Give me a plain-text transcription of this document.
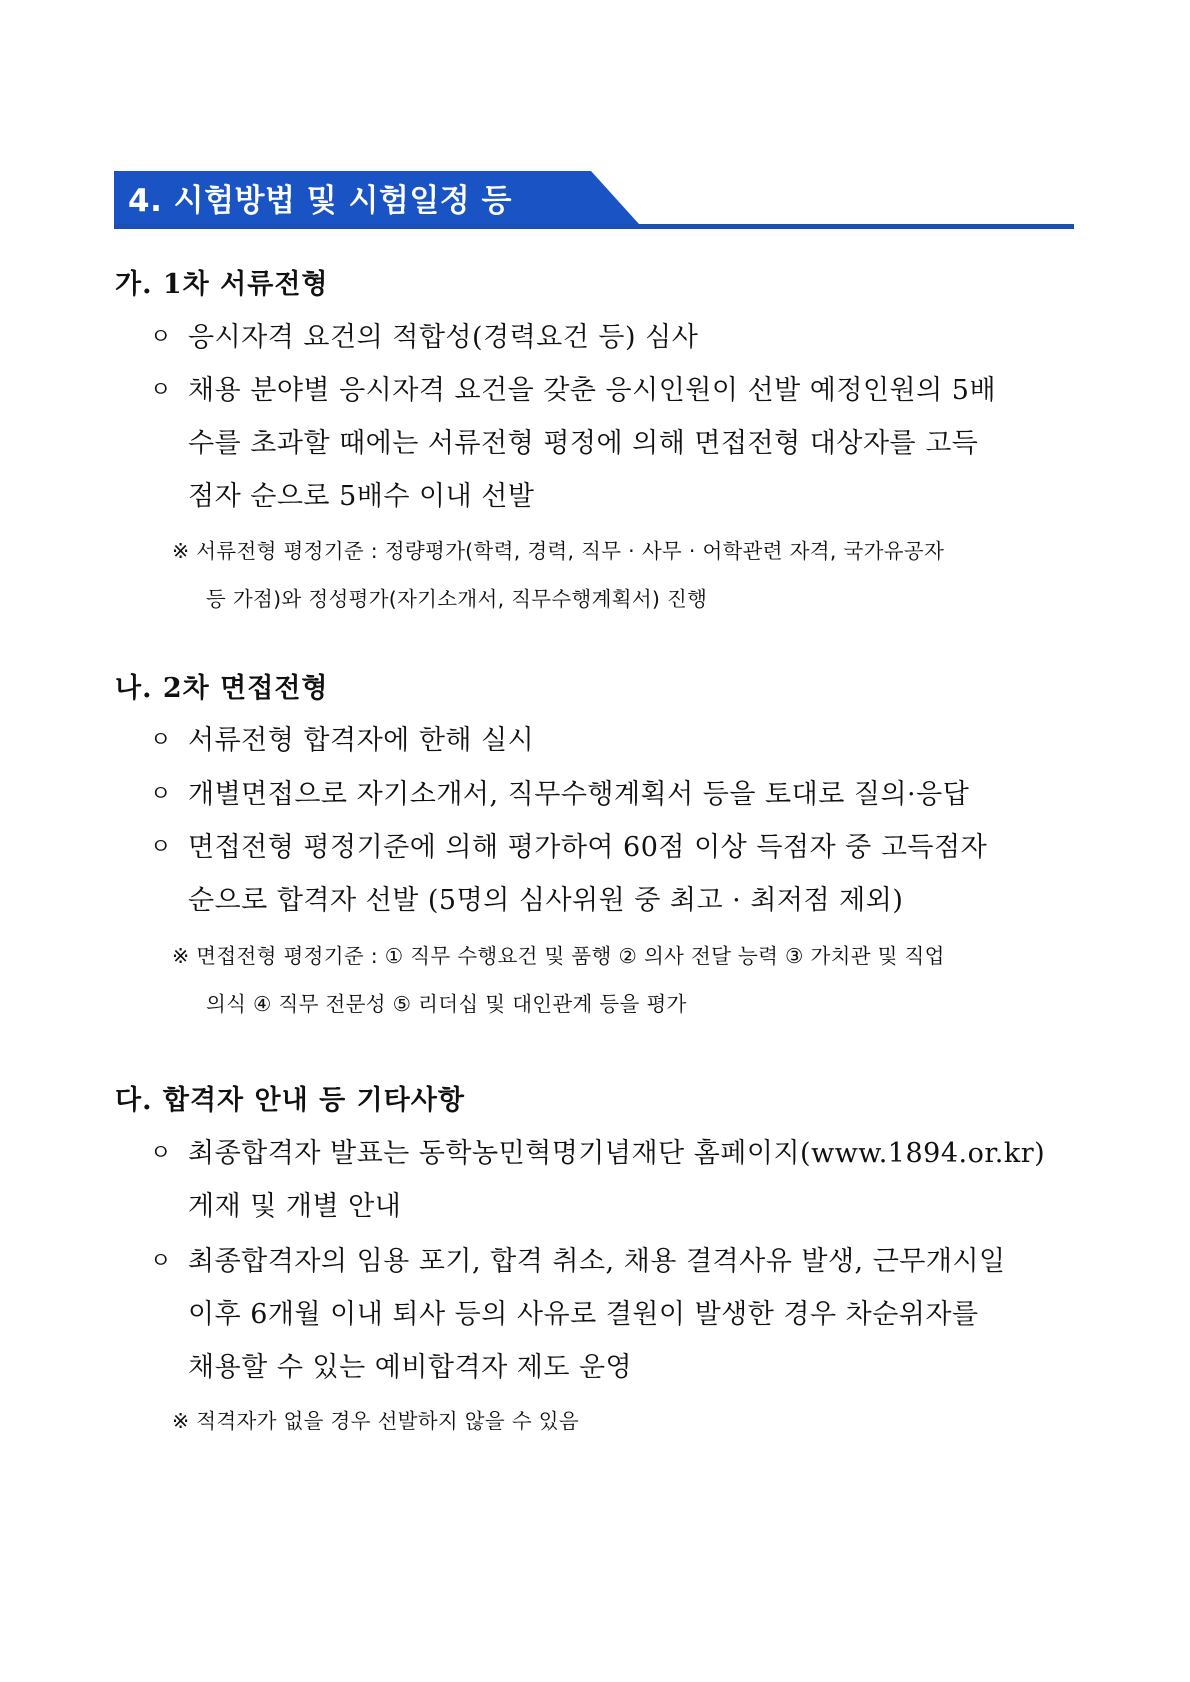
4. 시험방법 및 시험일정 등
가. 1차 서류전형
ㅇ 응시자격 요건의 적합성(경력요건 등) 심사
ㅇ 채용 분야별 응시자격 요건을 갖춘 응시인원이 선발 예정인원의 5배
수를 초과할 때에는 서류전형 평정에 의해 면접전형 대상자를 고득
점자 순으로 5배수 이내 선발
※ 서류전형 평정기준 : 정량평가(학력, 경력, 직무 · 사무 · 어학관련 자격, 국가유공자
등 가점)와 정성평가(자기소개서, 직무수행계획서) 진행
나. 2차 면접전형
ㅇ 서류전형 합격자에 한해 실시
ㅇ 개별면접으로 자기소개서, 직무수행계획서 등을 토대로 질의·응답
ㅇ 면접전형 평정기준에 의해 평가하여 60점 이상 득점자 중 고득점자
순으로 합격자 선발 (5명의 심사위원 중 최고 · 최저점 제외)
※ 면접전형 평정기준 : ① 직무 수행요건 및 품행 ② 의사 전달 능력 ③ 가치관 및 직업
의식 ④ 직무 전문성 ⑤ 리더십 및 대인관계 등을 평가
다. 합격자 안내 등 기타사항
ㅇ 최종합격자 발표는 동학농민혁명기념재단 홈페이지(www.1894.or.kr)
게재 및 개별 안내
ㅇ 최종합격자의 임용 포기, 합격 취소, 채용 결격사유 발생, 근무개시일
이후 6개월 이내 퇴사 등의 사유로 결원이 발생한 경우 차순위자를
채용할 수 있는 예비합격자 제도 운영
※ 적격자가 없을 경우 선발하지 않을 수 있음
